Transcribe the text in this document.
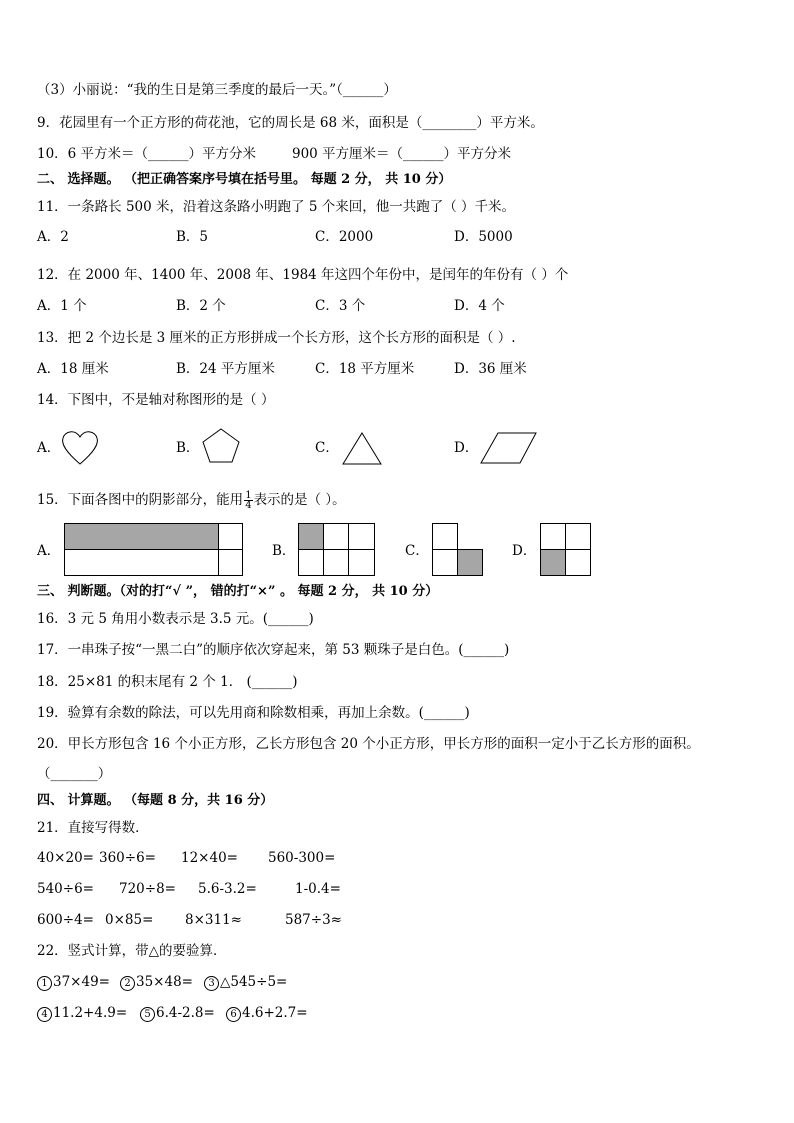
（3）小丽说：“我的生日是第三季度的最后一天。”（______）
9．花园里有一个正方形的荷花池，它的周长是 68 米，面积是（________）平方米。
10．6 平方米＝（______）平方分米	900 平方厘米＝（______）平方分米
二、 选择题。 （把正确答案序号填在括号里。 每题 2 分， 共 10 分）
11．一条路长 500 米，沿着这条路小明跑了 5 个来回，他一共跑了（ ）千米。
A．2	B．5	C．2000	D．5000
12．在 2000 年、1400 年、2008 年、1984 年这四个年份中，是闰年的年份有（ ）个
A．1 个	B．2 个	C．3 个	D．4 个
13．把 2 个边长是 3 厘米的正方形拼成一个长方形，这个长方形的面积是（ ）.
A．18 厘米	B．24 平方厘米	C．18 平方厘米	D．36 厘米
14．下图中，不是轴对称图形的是（ ）
A．	B．	C．	D．
15．下面各图中的阴影部分，能用 $\frac{1}{4}$ 表示的是（ ）。
A．	B．	C．	D．
三、 判断题。（对的打“√ ”， 错的打“×” 。 每题 2 分， 共 10 分）
16．3 元 5 角用小数表示是 3.5 元。(______)
17．一串珠子按“一黑二白”的顺序依次穿起来，第 53 颗珠子是白色。(______)
18．25×81 的积末尾有 2 个 1． (______)
19．验算有余数的除法，可以先用商和除数相乘，再加上余数。(______)
20．甲长方形包含 16 个小正方形，乙长方形包含 20 个小正方形，甲长方形的面积一定小于乙长方形的面积。
（_______）
四、 计算题。 （每题 8 分，共 16 分）
21．直接写得数．
40×20= 360÷6= 12×40= 560-300=
540÷6= 720÷8= 5.6-3.2=	1-0.4=
600÷4= 0×85= 8×311≈	587÷3≈
22．竖式计算，带△的要验算．
1 37×49=	2 35×48=	3 △545÷5=
4 11.2+4.9=	5 6.4-2.8=	6 4.6+2.7=
